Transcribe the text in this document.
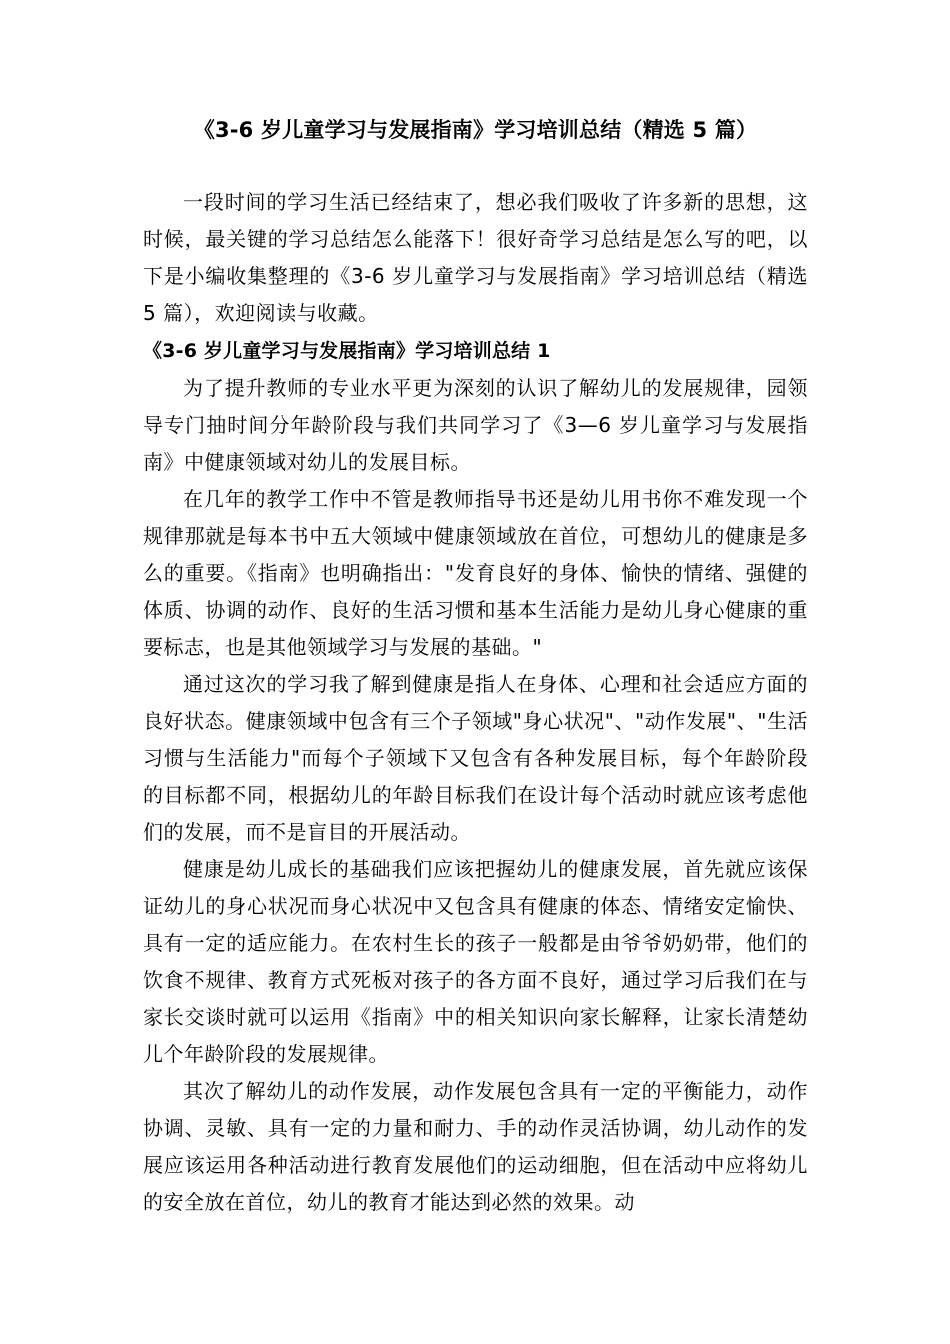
《3-6 岁儿童学习与发展指南》学习培训总结（精选 5 篇）

一段时间的学习生活已经结束了，想必我们吸收了许多新的思想，这时候，最关键的学习总结怎么能落下！很好奇学习总结是怎么写的吧，以下是小编收集整理的《3-6 岁儿童学习与发展指南》学习培训总结（精选 5 篇），欢迎阅读与收藏。

《3-6 岁儿童学习与发展指南》学习培训总结 1

为了提升教师的专业水平更为深刻的认识了解幼儿的发展规律，园领导专门抽时间分年龄阶段与我们共同学习了《3—6 岁儿童学习与发展指南》中健康领域对幼儿的发展目标。

在几年的教学工作中不管是教师指导书还是幼儿用书你不难发现一个规律那就是每本书中五大领域中健康领域放在首位，可想幼儿的健康是多么的重要。《指南》也明确指出："发育良好的身体、愉快的情绪、强健的体质、协调的动作、良好的生活习惯和基本生活能力是幼儿身心健康的重要标志，也是其他领域学习与发展的基础。"

通过这次的学习我了解到健康是指人在身体、心理和社会适应方面的良好状态。健康领域中包含有三个子领域"身心状况"、"动作发展"、"生活习惯与生活能力"而每个子领域下又包含有各种发展目标，每个年龄阶段的目标都不同，根据幼儿的年龄目标我们在设计每个活动时就应该考虑他们的发展，而不是盲目的开展活动。

健康是幼儿成长的基础我们应该把握幼儿的健康发展，首先就应该保证幼儿的身心状况而身心状况中又包含具有健康的体态、情绪安定愉快、具有一定的适应能力。在农村生长的孩子一般都是由爷爷奶奶带，他们的饮食不规律、教育方式死板对孩子的各方面不良好，通过学习后我们在与家长交谈时就可以运用《指南》中的相关知识向家长解释，让家长清楚幼儿个年龄阶段的发展规律。

其次了解幼儿的动作发展，动作发展包含具有一定的平衡能力，动作协调、灵敏、具有一定的力量和耐力、手的动作灵活协调，幼儿动作的发展应该运用各种活动进行教育发展他们的运动细胞，但在活动中应将幼儿的安全放在首位，幼儿的教育才能达到必然的效果。动
